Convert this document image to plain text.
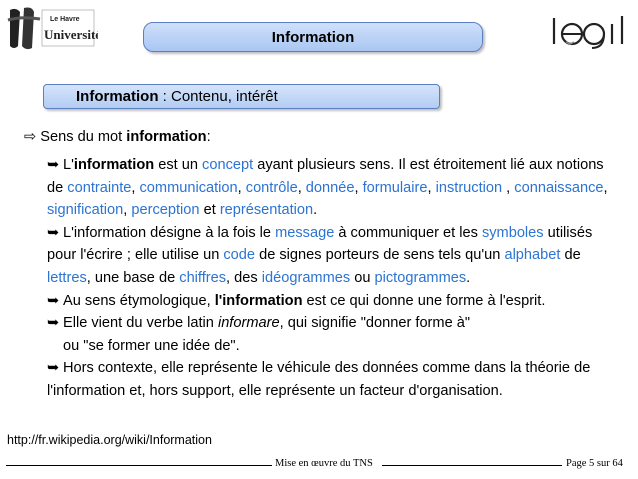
Le Havre
Université	Information
Information : Contenu, intérêt
⇨ Sens du mot information:

➥ L'information est un concept ayant plusieurs sens. Il est étroitement lié aux notions de contrainte, communication, contrôle, donnée, formulaire, instruction , connaissance, signification, perception et représentation.

➥ L'information désigne à la fois le message à communiquer et les symboles utilisés pour l'écrire ; elle utilise un code de signes porteurs de sens tels qu'un alphabet de lettres, une base de chiffres, des idéogrammes ou pictogrammes.

➥ Au sens étymologique, l'information est ce qui donne une forme à l'esprit.

➥ Elle vient du verbe latin informare, qui signifie "donner forme à"
ou "se former une idée de".

➥ Hors contexte, elle représente le véhicule des données comme dans la théorie de l'information et, hors support, elle représente un facteur d'organisation.

http://fr.wikipedia.org/wiki/Information
Mise en œuvre du TNS	Page 5 sur 64
